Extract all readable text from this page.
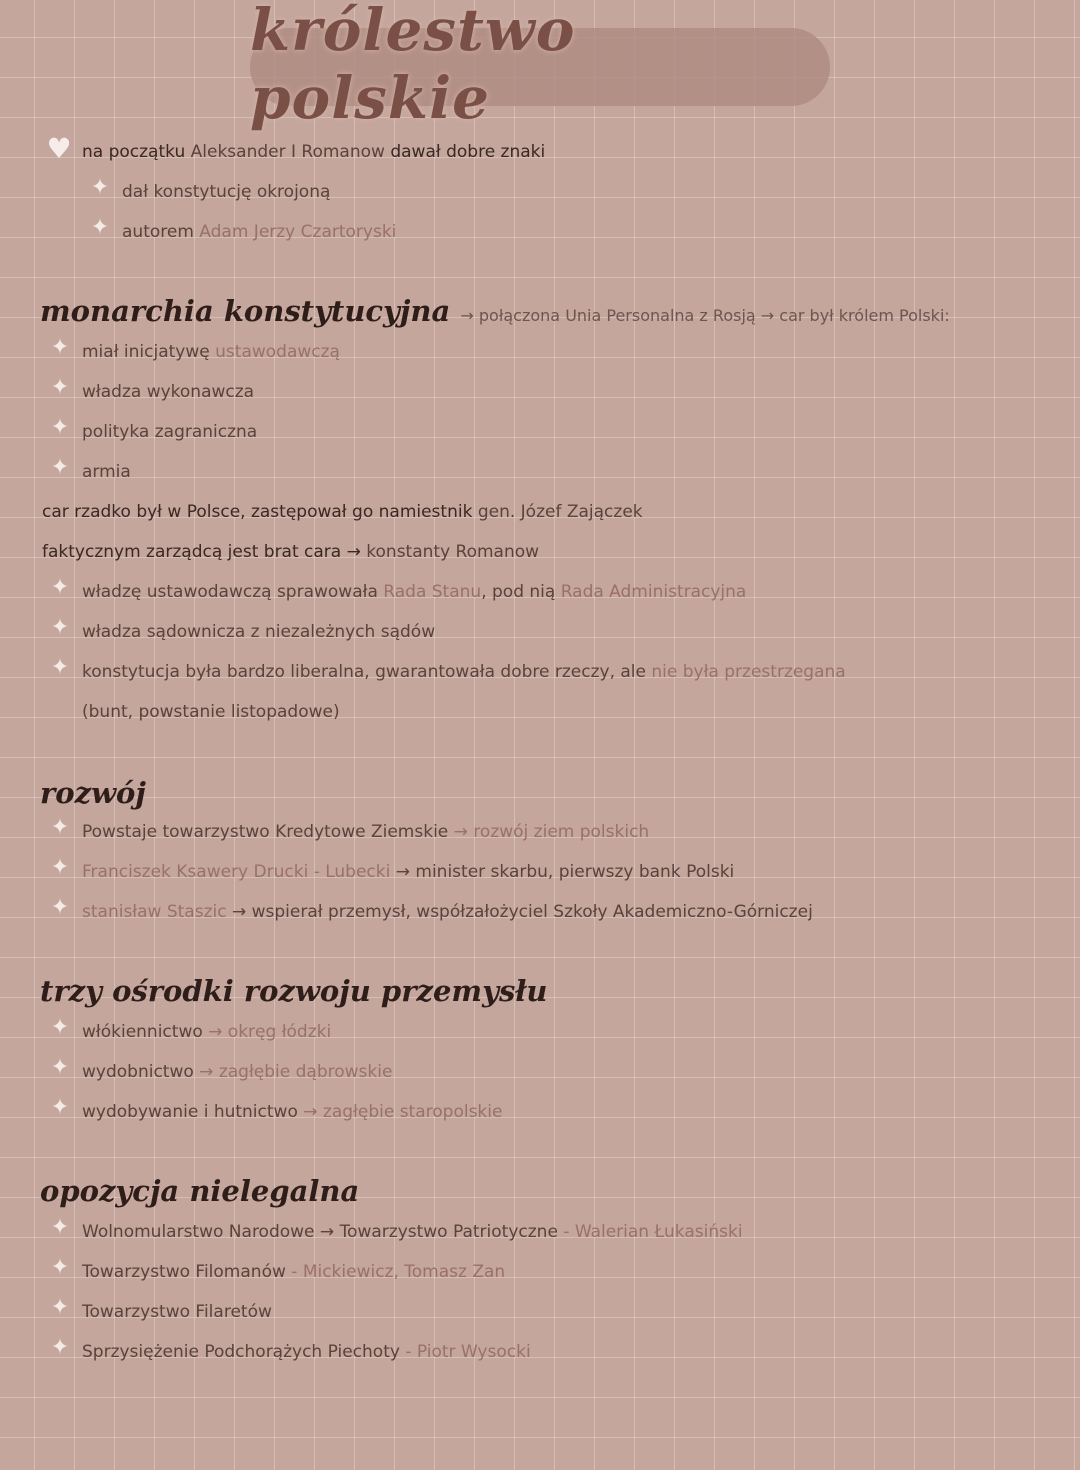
królestwo polskie
♥ na początku Aleksander I Romanow dawał dobre znaki
✦ dał konstytucję okrojoną
✦ autorem Adam Jerzy Czartoryski
monarchia konstytucyjna → połączona Unia Personalna z Rosją → car był królem Polski:
✦ miał inicjatywę ustawodawczą
✦ władza wykonawcza
✦ polityka zagraniczna
✦ armia
car rzadko był w Polsce, zastępował go namiestnik gen. Józef Zajączek
faktycznym zarządcą jest brat cara → konstanty Romanow
✦ władzę ustawodawczą sprawowała Rada Stanu, pod nią Rada Administracyjna
✦ władza sądownicza z niezależnych sądów
✦ konstytucja była bardzo liberalna, gwarantowała dobre rzeczy, ale nie była przestrzegana
(bunt, powstanie listopadowe)
rozwój
✦ Powstaje towarzystwo Kredytowe Ziemskie → rozwój ziem polskich
✦ Franciszek Ksawery Drucki - Lubecki → minister skarbu, pierwszy bank Polski
✦ stanisław Staszic → wspierał przemysł, współzałożyciel Szkoły Akademiczno-Górniczej
trzy ośrodki rozwoju przemysłu
✦ włókiennictwo → okręg łódzki
✦ wydobnictwo → zagłębie dąbrowskie
✦ wydobywanie i hutnictwo → zagłębie staropolskie
opozycja nielegalna
✦ Wolnomularstwo Narodowe → Towarzystwo Patriotyczne - Walerian Łukasiński
✦ Towarzystwo Filomanów - Mickiewicz, Tomasz Zan
✦ Towarzystwo Filaretów
✦ Sprzysiężenie Podchorążych Piechoty - Piotr Wysocki
